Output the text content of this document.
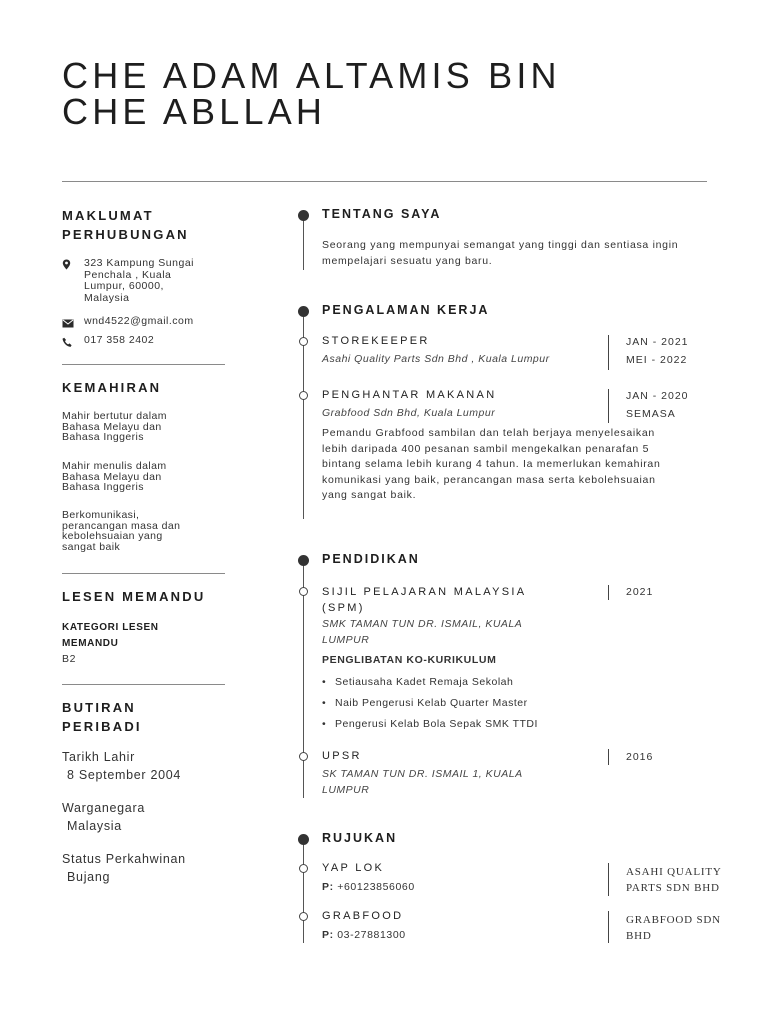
CHE ADAM ALTAMIS BIN
CHE ABLLAH
MAKLUMAT
PERHUBUNGAN
323 Kampung Sungai
Penchala , Kuala
Lumpur, 60000,
Malaysia
wnd4522@gmail.com
017 358 2402
KEMAHIRAN
Mahir bertutur dalam
Bahasa Melayu dan
Bahasa Inggeris
Mahir menulis dalam
Bahasa Melayu dan
Bahasa Inggeris
Berkomunikasi,
perancangan masa dan
kebolehsuaian yang
sangat baik
LESEN MEMANDU
KATEGORI LESEN
MEMANDU
B2
BUTIRAN
PERIBADI
Tarikh Lahir
8 September 2004
Warganegara
Malaysia
Status Perkahwinan
Bujang
TENTANG SAYA
Seorang yang mempunyai semangat yang tinggi dan sentiasa ingin
mempelajari sesuatu yang baru.
PENGALAMAN KERJA
STOREKEEPER
Asahi Quality Parts Sdn Bhd , Kuala Lumpur
JAN - 2021
MEI - 2022
PENGHANTAR MAKANAN
Grabfood Sdn Bhd, Kuala Lumpur
JAN - 2020
SEMASA
Pemandu Grabfood sambilan dan telah berjaya menyelesaikan
lebih daripada 400 pesanan sambil mengekalkan penarafan 5
bintang selama lebih kurang 4 tahun. Ia memerlukan kemahiran
komunikasi yang baik, perancangan masa serta kebolehsuaian
yang sangat baik.
PENDIDIKAN
SIJIL PELAJARAN MALAYSIA
(SPM)
SMK TAMAN TUN DR. ISMAIL, KUALA
LUMPUR
2021
PENGLIBATAN KO-KURIKULUM
• Setiausaha Kadet Remaja Sekolah
• Naib Pengerusi Kelab Quarter Master
• Pengerusi Kelab Bola Sepak SMK TTDI
UPSR
SK TAMAN TUN DR. ISMAIL 1, KUALA
LUMPUR
2016
RUJUKAN
YAP LOK
P: +60123856060
ASAHI QUALITY
PARTS SDN BHD
GRABFOOD
P: 03-27881300
GRABFOOD SDN
BHD
